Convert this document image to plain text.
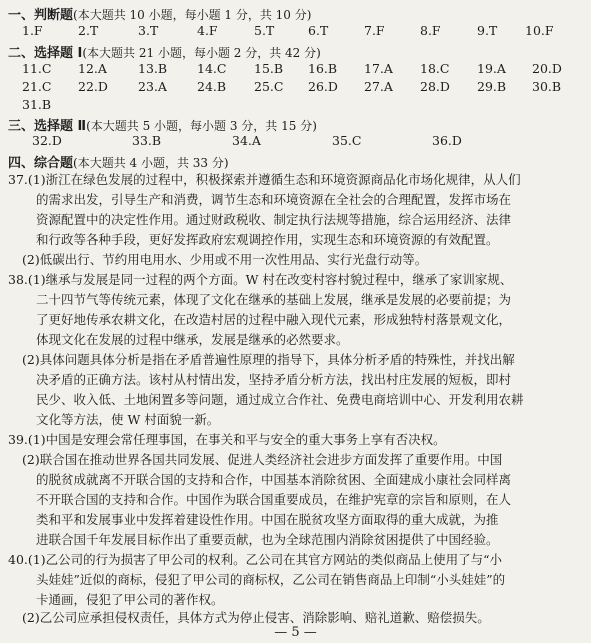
一、判断题(本大题共 10 小题，每小题 1 分，共 10 分)
1.F	2.T	3.T	4.F	5.T	6.T	7.F	8.F	9.T 10.F
二、选择题 Ⅰ(本大题共 21 小题，每小题 2 分，共 42 分)
11.C 12.A 13.B 14.C 15.B 16.B 17.A 18.C 19.A 20.D
21.C 22.D 23.A 24.B 25.C 26.D 27.A 28.D 29.B 30.B
31.B
三、选择题 Ⅱ(本大题共 5 小题，每小题 3 分，共 15 分)
32.D	33.B	34.A	35.C	36.D
四、综合题(本大题共 4 小题，共 33 分)
37.(1)浙江在绿色发展的过程中，积极探索并遵循生态和环境资源商品化市场化规律，从人们
的需求出发，引导生产和消费，调节生态和环境资源在全社会的合理配置，发挥市场在
资源配置中的决定性作用。通过财政税收、制定执行法规等措施，综合运用经济、法律
和行政等各种手段，更好发挥政府宏观调控作用，实现生态和环境资源的有效配置。
(2)低碳出行、节约用电用水、少用或不用一次性用品、实行光盘行动等。
38.(1)继承与发展是同一过程的两个方面。W 村在改变村容村貌过程中，继承了家训家规、
二十四节气等传统元素，体现了文化在继承的基础上发展，继承是发展的必要前提；为
了更好地传承农耕文化，在改造村居的过程中融入现代元素，形成独特村落景观文化，
体现文化在发展的过程中继承，发展是继承的必然要求。
(2)具体问题具体分析是指在矛盾普遍性原理的指导下，具体分析矛盾的特殊性，并找出解
决矛盾的正确方法。该村从村情出发，坚持矛盾分析方法，找出村庄发展的短板，即村
民少、收入低、土地闲置多等问题，通过成立合作社、免费电商培训中心、开发利用农耕
文化等方法，使 W 村面貌一新。
39.(1)中国是安理会常任理事国，在事关和平与安全的重大事务上享有否决权。
(2)联合国在推动世界各国共同发展、促进人类经济社会进步方面发挥了重要作用。中国
的脱贫成就离不开联合国的支持和合作，中国基本消除贫困、全面建成小康社会同样离
不开联合国的支持和合作。中国作为联合国重要成员，在维护宪章的宗旨和原则，在人
类和平和发展事业中发挥着建设性作用。中国在脱贫攻坚方面取得的重大成就，为推
进联合国千年发展目标作出了重要贡献，也为全球范围内消除贫困提供了中国经验。
40.(1)乙公司的行为损害了甲公司的权利。乙公司在其官方网站的类似商品上使用了与“小
头娃娃”近似的商标，侵犯了甲公司的商标权，乙公司在销售商品上印制“小头娃娃”的
卡通画，侵犯了甲公司的著作权。
(2)乙公司应承担侵权责任，具体方式为停止侵害、消除影响、赔礼道歉、赔偿损失。
— 5 —
